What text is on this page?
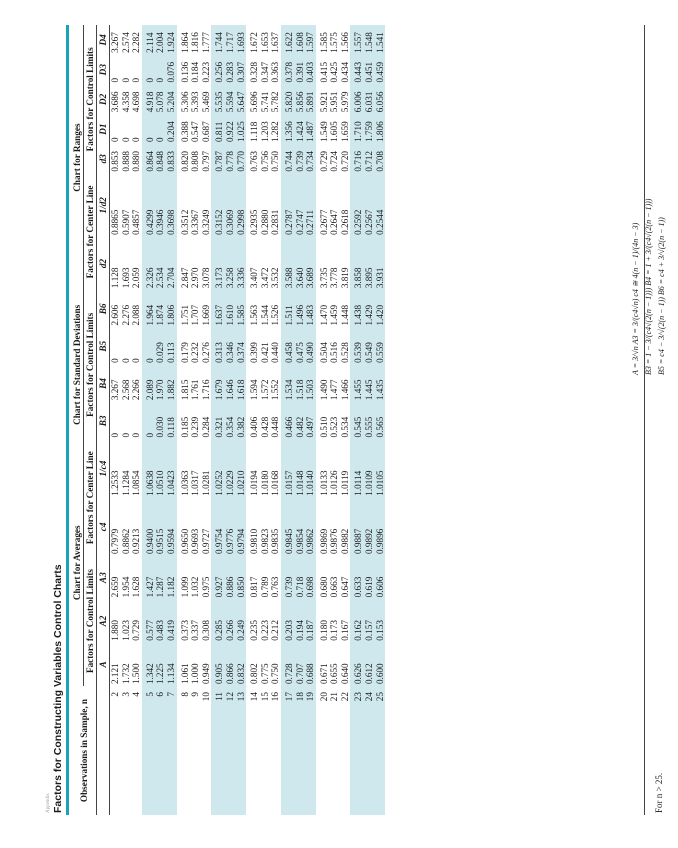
Appendix Factors for Constructing Variables Control Charts Observations in Sample, n	Chart for Averages					Chart for Standard Deviations				Chart for Ranges						
	Factors for Control Limits			Factors for Center Line		Factors for Control Limits				Factors for Center Line		Factors for Control Limits				
	A	A2	A3	c4	1/c4	B3	B4	B5	B6	d2	1/d2	d3	D1	D2	D3	D4
2	2.121	1.880	2.659	0.7979	1.2533	0	3.267	0	2.606	1.128	0.8865	0.853	0	3.686	0	3.267
3	1.732	1.023	1.954	0.8862	1.1284	0	2.568	0	2.276	1.693	0.5907	0.888	0	4.358	0	2.574
4	1.500	0.729	1.628	0.9213	1.0854	0	2.266	0	2.088	2.059	0.4857	0.880	0	4.698	0	2.282
5	1.342	0.577	1.427	0.9400	1.0638	0	2.089	0	1.964	2.326	0.4299	0.864	0	4.918	0	2.114
6	1.225	0.483	1.287	0.9515	1.0510	0.030	1.970	0.029	1.874	2.534	0.3946	0.848	0	5.078	0	2.004
7	1.134	0.419	1.182	0.9594	1.0423	0.118	1.882	0.113	1.806	2.704	0.3698	0.833	0.204	5.204	0.076	1.924
8	1.061	0.373	1.099	0.9650	1.0363	0.185	1.815	0.179	1.751	2.847	0.3512	0.820	0.388	5.306	0.136	1.864
9	1.000	0.337	1.032	0.9693	1.0317	0.239	1.761	0.232	1.707	2.970	0.3367	0.808	0.547	5.393	0.184	1.816
10	0.949	0.308	0.975	0.9727	1.0281	0.284	1.716	0.276	1.669	3.078	0.3249	0.797	0.687	5.469	0.223	1.777
11	0.905	0.285	0.927	0.9754	1.0252	0.321	1.679	0.313	1.637	3.173	0.3152	0.787	0.811	5.535	0.256	1.744
12	0.866	0.266	0.886	0.9776	1.0229	0.354	1.646	0.346	1.610	3.258	0.3069	0.778	0.922	5.594	0.283	1.717
13	0.832	0.249	0.850	0.9794	1.0210	0.382	1.618	0.374	1.585	3.336	0.2998	0.770	1.025	5.647	0.307	1.693
14	0.802	0.235	0.817	0.9810	1.0194	0.406	1.594	0.399	1.563	3.407	0.2935	0.763	1.118	5.696	0.328	1.672
15	0.775	0.223	0.789	0.9823	1.0180	0.428	1.572	0.421	1.544	3.472	0.2880	0.756	1.203	5.741	0.347	1.653
16	0.750	0.212	0.763	0.9835	1.0168	0.448	1.552	0.440	1.526	3.532	0.2831	0.750	1.282	5.782	0.363	1.637
17	0.728	0.203	0.739	0.9845	1.0157	0.466	1.534	0.458	1.511	3.588	0.2787	0.744	1.356	5.820	0.378	1.622
18	0.707	0.194	0.718	0.9854	1.0148	0.482	1.518	0.475	1.496	3.640	0.2747	0.739	1.424	5.856	0.391	1.608
19	0.688	0.187	0.698	0.9862	1.0140	0.497	1.503	0.490	1.483	3.689	0.2711	0.734	1.487	5.891	0.403	1.597
20	0.671	0.180	0.680	0.9869	1.0133	0.510	1.490	0.504	1.470	3.735	0.2677	0.729	1.549	5.921	0.415	1.585
21	0.655	0.173	0.663	0.9876	1.0126	0.523	1.477	0.516	1.459	3.778	0.2647	0.724	1.605	5.951	0.425	1.575
22	0.640	0.167	0.647	0.9882	1.0119	0.534	1.466	0.528	1.448	3.819	0.2618	0.720	1.659	5.979	0.434	1.566
23	0.626	0.162	0.633	0.9887	1.0114	0.545	1.455	0.539	1.438	3.858	0.2592	0.716	1.710	6.006	0.443	1.557
24	0.612	0.157	0.619	0.9892	1.0109	0.555	1.445	0.549	1.429	3.895	0.2567	0.712	1.759	6.031	0.451	1.548
25	0.600	0.153	0.606	0.9896	1.0105	0.565	1.435	0.559	1.420	3.931	0.2544	0.708	1.806	6.056	0.459	1.541
For n > 25.
A = 3/√n A3 = 3/(c4√n) c4 ≅ 4(n − 1)/(4n − 3) B3 = 1 − 3/(c4√(2(n − 1))) B4 = 1 + 3/(c4√(2(n − 1))) B5 = c4 − 3/√(2(n − 1)) B6 = c4 + 3/√(2(n − 1))
